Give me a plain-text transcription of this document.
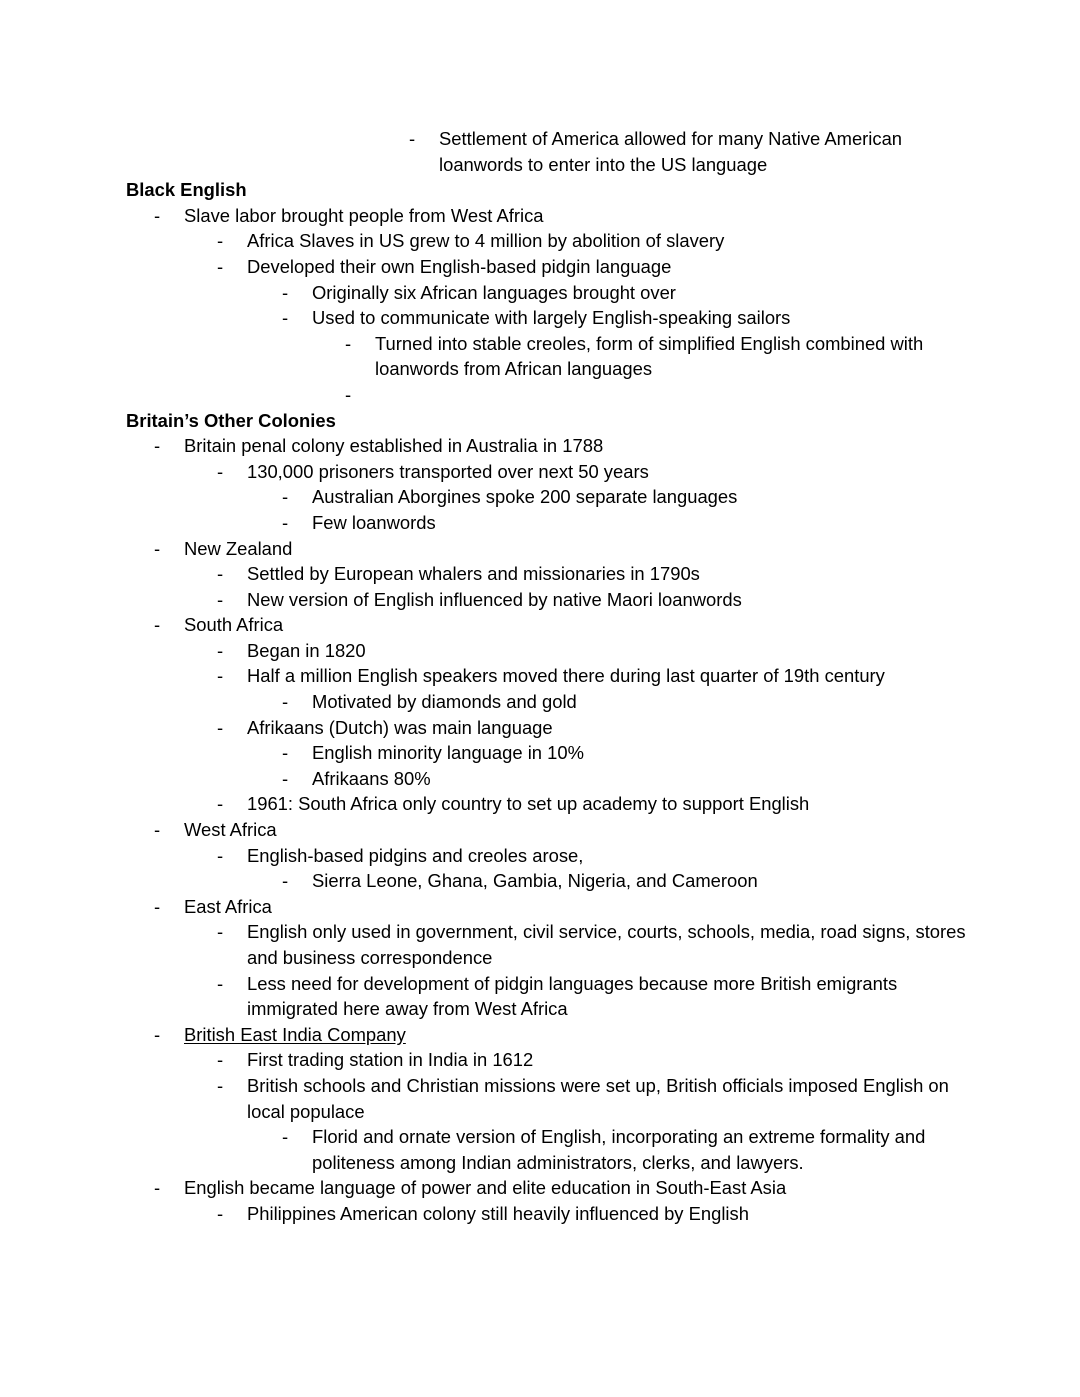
-	Settlement of America allowed for many Native American loanwords to enter into the US language
Black English
-	Slave labor brought people from West Africa
-	Africa Slaves in US grew to 4 million by abolition of slavery
-	Developed their own English-based pidgin language
-	Originally six African languages brought over
-	Used to communicate with largely English-speaking sailors
-	Turned into stable creoles, form of simplified English combined with loanwords from African languages
-
Britain’s Other Colonies
-	Britain penal colony established in Australia in 1788
-	130,000 prisoners transported over next 50 years
-	Australian Aborgines spoke 200 separate languages
-	Few loanwords
-	New Zealand
-	Settled by European whalers and missionaries in 1790s
-	New version of English influenced by native Maori loanwords
-	South Africa
-	Began in 1820
-	Half a million English speakers moved there during last quarter of 19th century
-	Motivated by diamonds and gold
-	Afrikaans (Dutch) was main language
-	English minority language in 10%
-	Afrikaans 80%
-	1961: South Africa only country to set up academy to support English
-	West Africa
-	English-based pidgins and creoles arose,
-	Sierra Leone, Ghana, Gambia, Nigeria, and Cameroon
-	East Africa
-	English only used in government, civil service, courts, schools, media, road signs, stores and business correspondence
-	Less need for development of pidgin languages because more British emigrants immigrated here away from West Africa
-	British East India Company
-	First trading station in India in 1612
-	British schools and Christian missions were set up, British officials imposed English on local populace
-	Florid and ornate version of English, incorporating an extreme formality and politeness among Indian administrators, clerks, and lawyers.
-	English became language of power and elite education in South-East Asia
-	Philippines American colony still heavily influenced by English
